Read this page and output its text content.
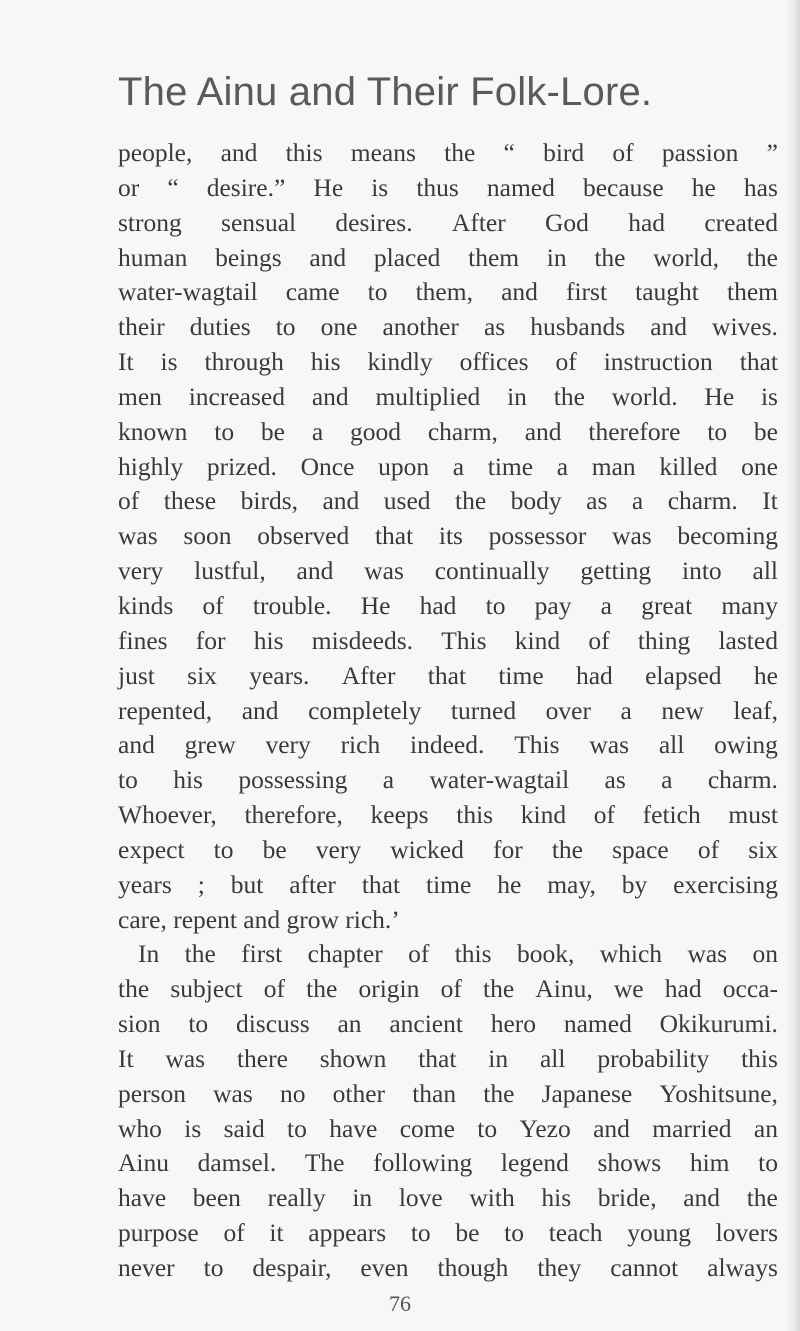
The Ainu and Their Folk-Lore.
people, and this means the “ bird of passion ”
or “ desire.” He is thus named because he has
strong sensual desires. After God had created
human beings and placed them in the world, the
water-wagtail came to them, and first taught them
their duties to one another as husbands and wives.
It is through his kindly offices of instruction that
men increased and multiplied in the world. He is
known to be a good charm, and therefore to be
highly prized. Once upon a time a man killed one
of these birds, and used the body as a charm. It
was soon observed that its possessor was becoming
very lustful, and was continually getting into all
kinds of trouble. He had to pay a great many
fines for his misdeeds. This kind of thing lasted
just six years. After that time had elapsed he
repented, and completely turned over a new leaf,
and grew very rich indeed. This was all owing
to his possessing a water-wagtail as a charm.
Whoever, therefore, keeps this kind of fetich must
expect to be very wicked for the space of six
years ; but after that time he may, by exercising
care, repent and grow rich.’
In the first chapter of this book, which was on
the subject of the origin of the Ainu, we had occa-
sion to discuss an ancient hero named Okikurumi.
It was there shown that in all probability this
person was no other than the Japanese Yoshitsune,
who is said to have come to Yezo and married an
Ainu damsel. The following legend shows him to
have been really in love with his bride, and the
purpose of it appears to be to teach young lovers
never to despair, even though they cannot always
76
